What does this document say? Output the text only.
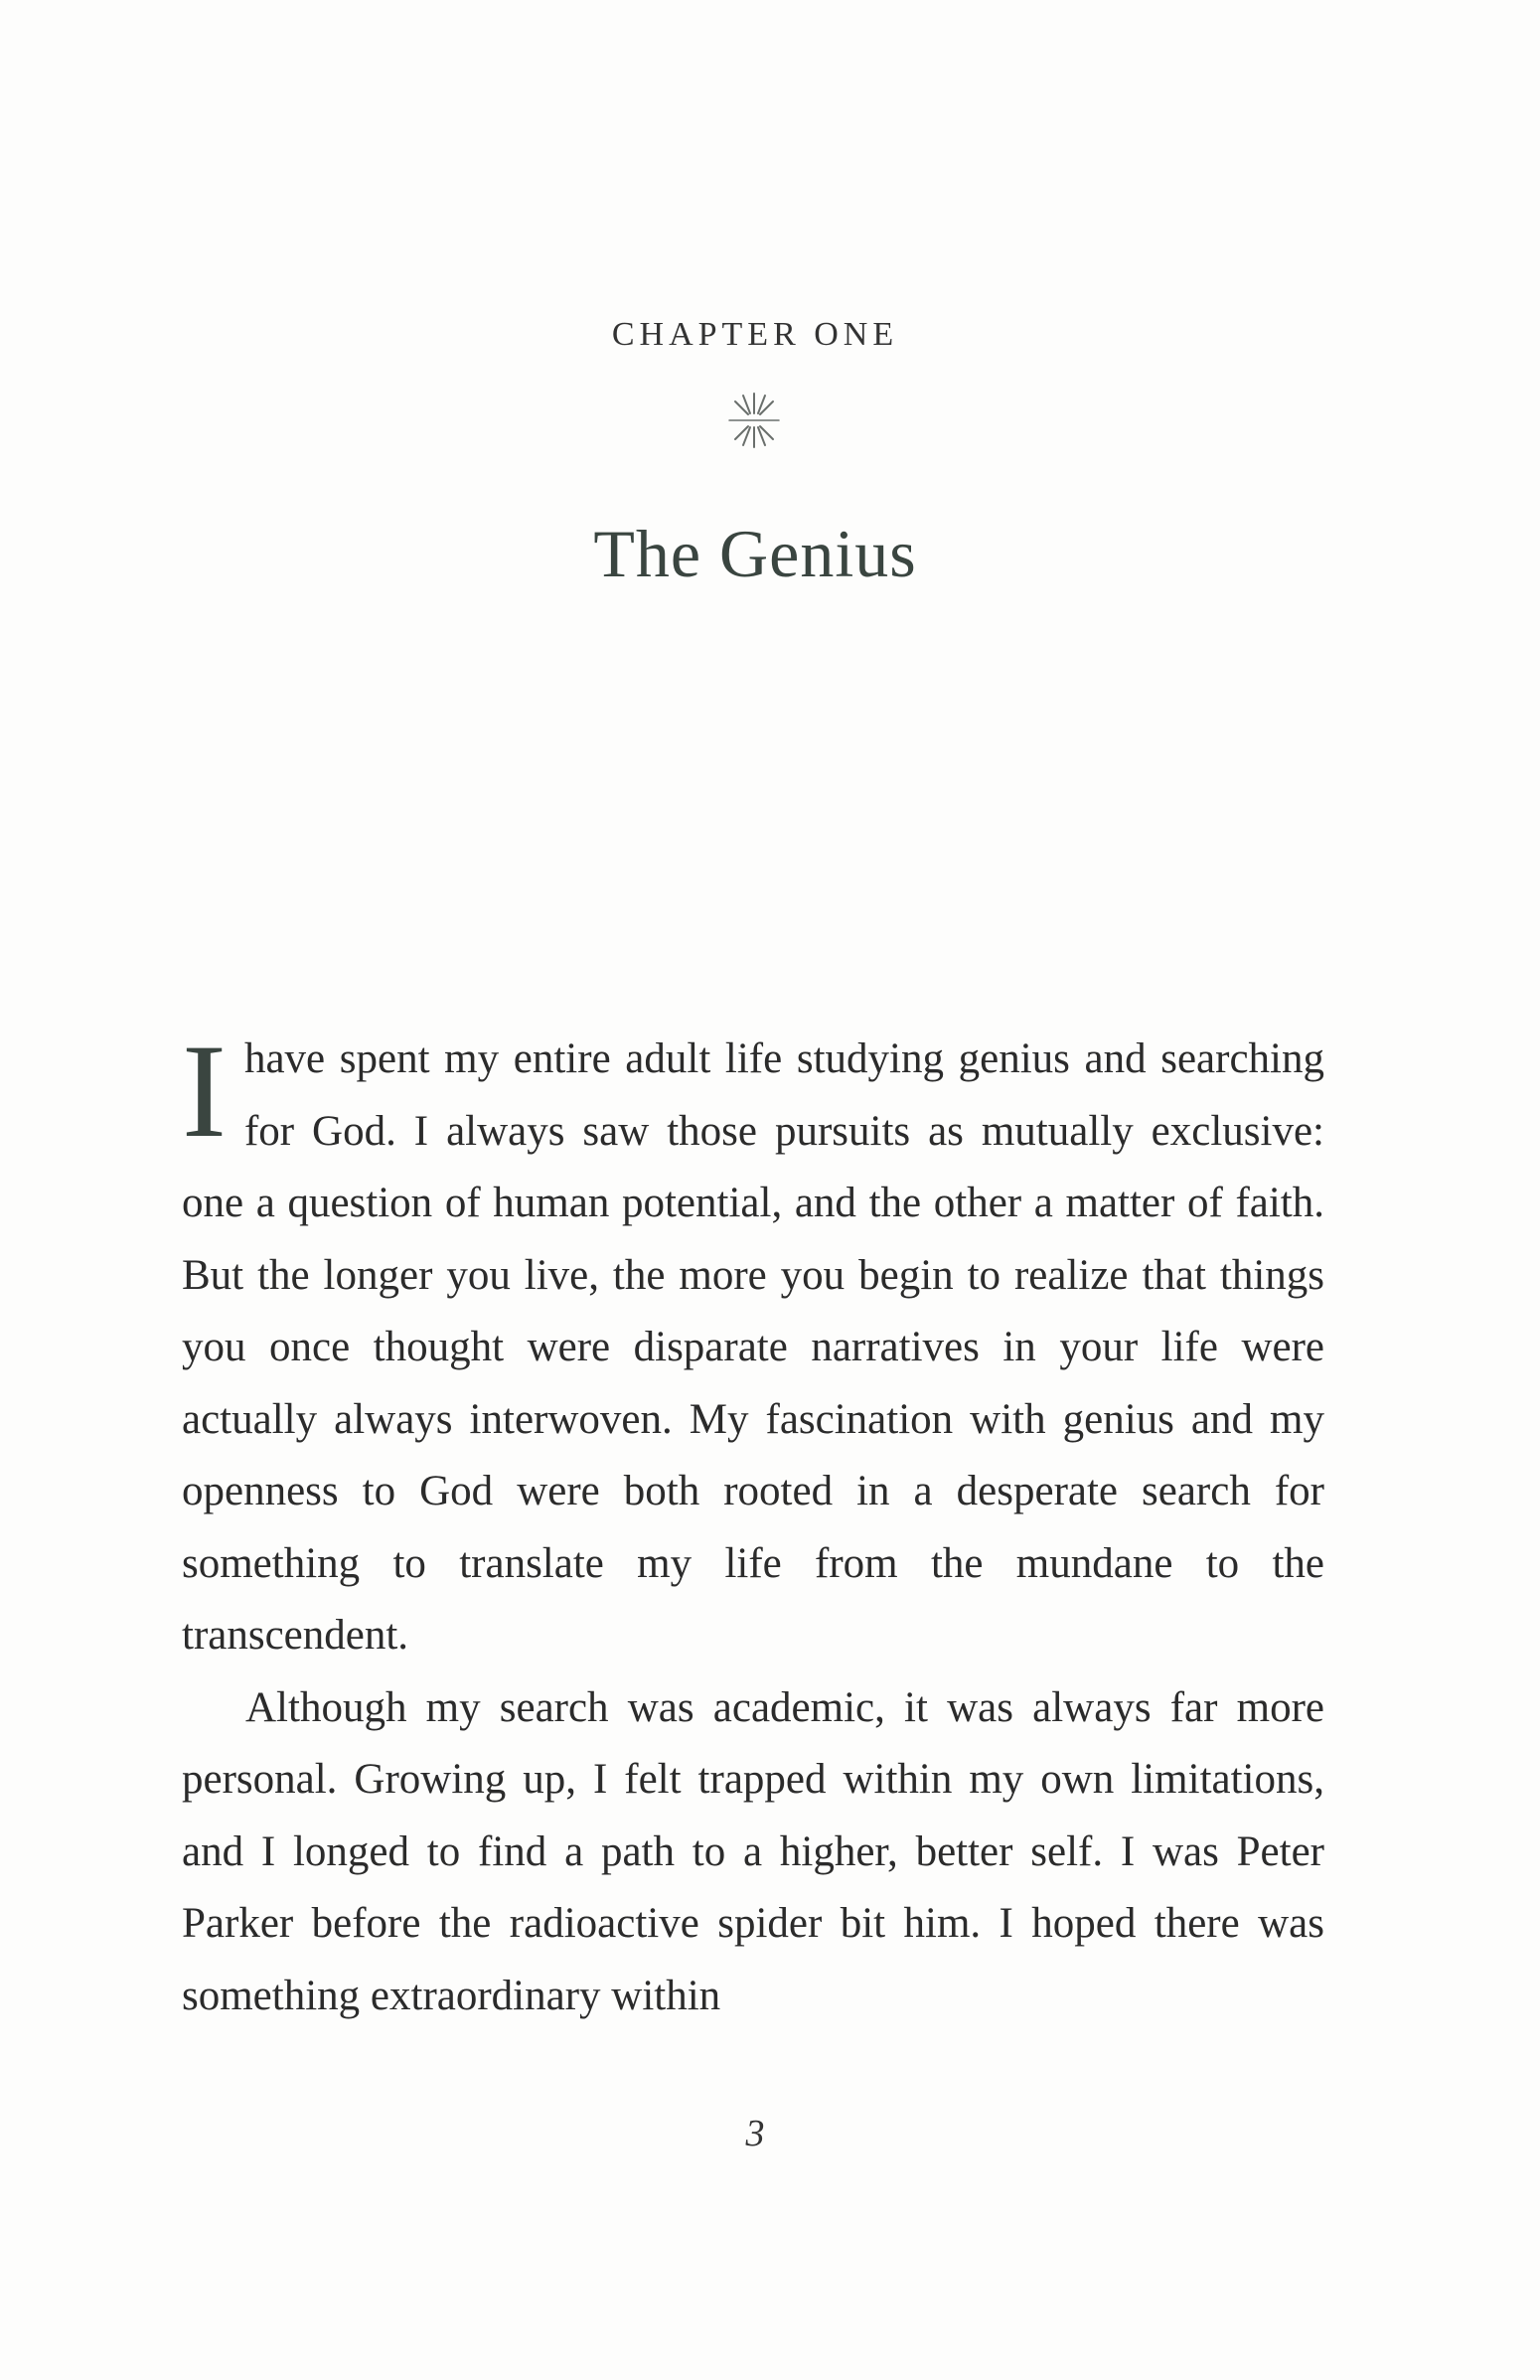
CHAPTER ONE
The Genius

Ihave spent my entire adult life studying genius and searching for God. I always saw those pursuits as mutually exclusive: one a question of human potential, and the other a matter of faith. But the longer you live, the more you begin to realize that things you once thought were disparate narratives in your life were actually always interwoven. My fascination with genius and my openness to God were both rooted in a desperate search for something to translate my life from the mundane to the transcendent.

Although my search was academic, it was always far more personal. Growing up, I felt trapped within my own limitations, and I longed to find a path to a higher, better self. I was Peter Parker before the radioactive spider bit him. I hoped there was something extraordinary within

3
